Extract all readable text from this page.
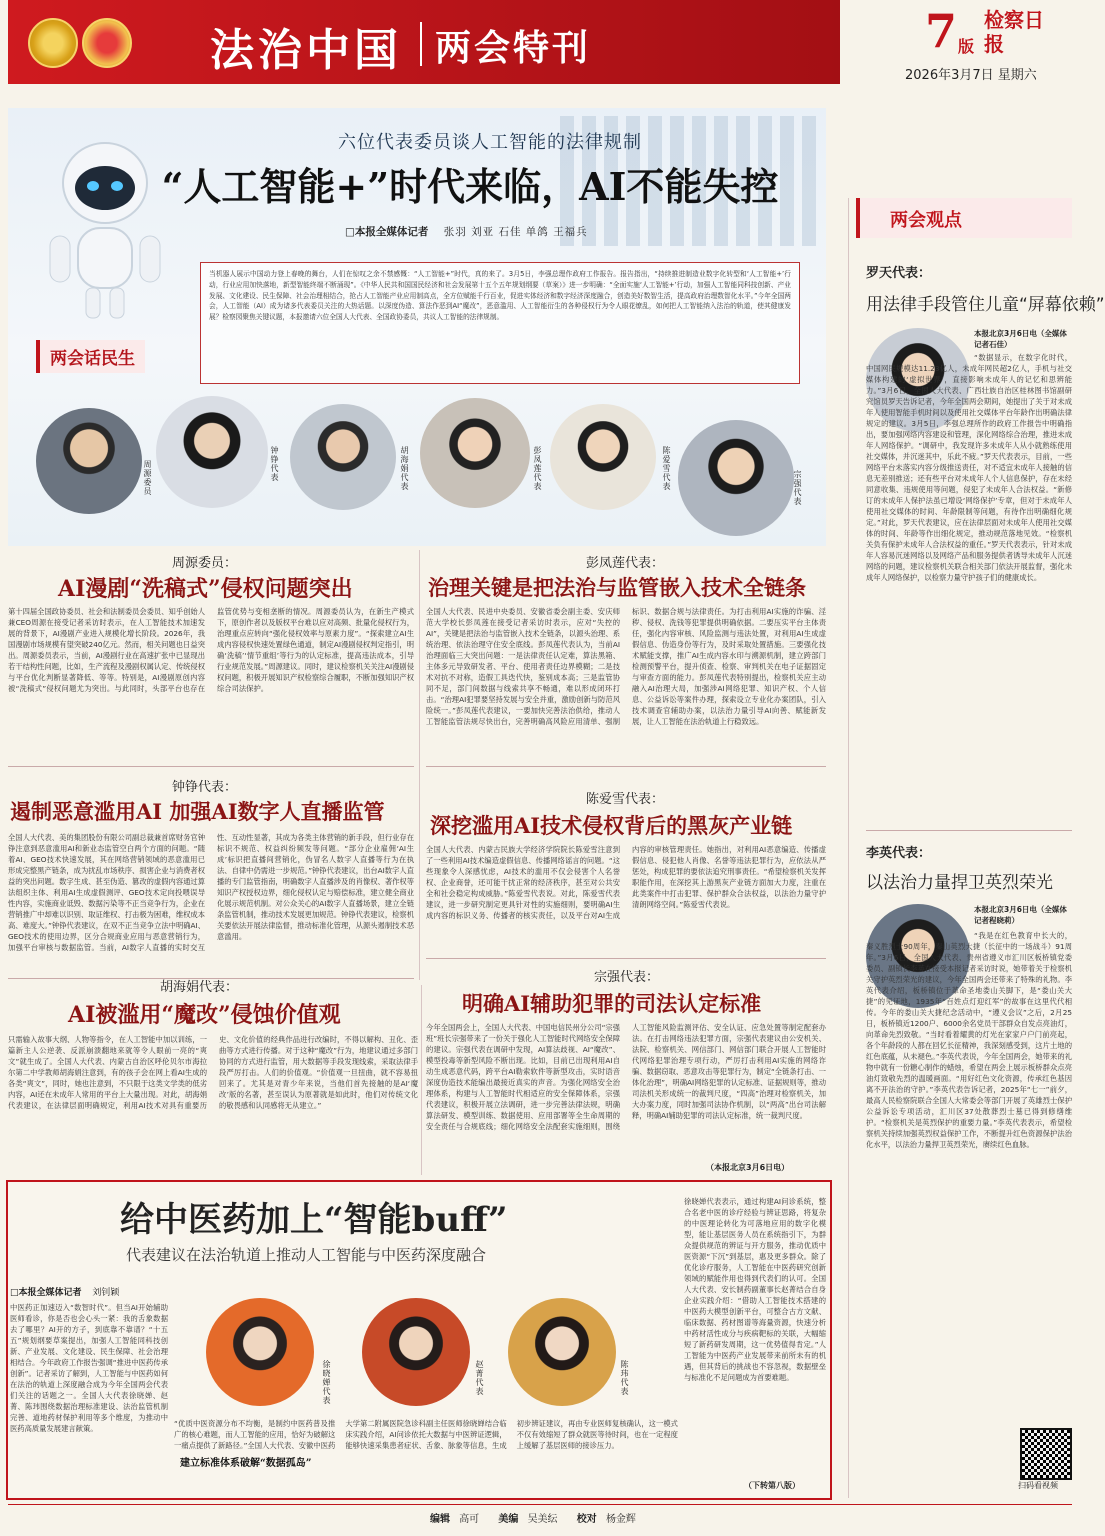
法治中国 两会特刊	7 版
检察日报
2026年3月7日 星期六
六位代表委员谈人工智能的法律规制
“人工智能+”时代来临，AI不能失控
□本报全媒体记者 张羽 刘亚 石佳 单鸽 王福兵
当机器人展示中国动力登上春晚的舞台，人们在惊叹之余不禁感慨：“人工智能+”时代，真的来了。3月5日，李强总理作政府工作报告。报告指出，“持续推进制造业数字化转型和‘人工智能+’行动，行业应用加快落地，新型智能终端不断涌现”。《中华人民共和国国民经济和社会发展第十五个五年规划纲要（草案）》进一步明确：“全面实施‘人工智能+’行动，加强人工智能同科技创新、产业发展、文化建设、民生保障、社会治理相结合，抢占人工智能产业应用制高点，全方位赋能千行百业，促进实体经济和数字经济深度融合，创造美好数智生活，提高政府治理数智化水平。”今年全国两会，人工智能（AI）成为诸多代表委员关注的大热话题。以深度伪造、算法作恶到AI“魔改”，恶意滥用、人工智能衍生的各种侵权行为令人眼花缭乱，如何把人工智能纳入法治的轨道，使其健康发展？检察园聚焦关键议题，本报邀请六位全国人大代表、全国政协委员，共议人工智能的法律规制。
两会话民生
周源委员
钟铮代表
胡海娟代表
彭凤莲代表
陈爱雪代表
宗强代表
周源委员：
AI漫剧“洗稿式”侵权问题突出
第十四届全国政协委员、社会和法制委员会委员、知乎创始人兼CEO周源在接受记者采访时表示，在人工智能技术加速发展的背景下，AI漫剧产业进入规模化增长阶段。2026年，我国漫剧市场规模有望突破240亿元。然而，相关问题也日益突出。周源委员表示，当前，AI漫剧行业在高速扩张中已显现出若干结构性问题，比如，生产流程及漫剧权属认定、传统侵权与平台优化判断显著降低、等等。特别是，AI漫剧原创内容被“洗稿式”侵权问题尤为突出。与此同时，头部平台也存在监管优势与变相垄断的情况。周源委员认为，在新生产模式下，原创作者以及版权平台难以应对高频、批量化侵权行为，治理重点应转向“强化侵权效率与原素力度”。“探索建立AI生成内容侵权快速处置绿色通道，制定AI漫剧侵权判定指引，明确‘洗稿’‘情节重组’等行为的认定标准，提高违法成本，引导行业规范发展。”周源建议。同时，建议检察机关关注AI漫剧侵权问题，积极开展知识产权检察综合履职，不断加强知识产权综合司法保护。
彭凤莲代表：
治理关键是把法治与监管嵌入技术全链条
全国人大代表、民进中央委员、安徽省委会副主委、安庆师范大学校长彭凤莲在接受记者采访时表示，应对“失控的AI”，关键是把法治与监管嵌入技术全链条，以源头治理、系统治理、依法治理守住安全底线。彭凤莲代表认为，当前AI治理面临三大突出问题：一是法律责任认定难，算法黑箱、主体多元导致研发者、平台、使用者责任边界模糊；二是技术对抗不对称，造假工具迭代快，鉴别成本高；三是监管协同不足，部门间数据与线索共享不畅通，难以形成闭环打击。“治理AI犯罪要坚持发展与安全并重，激励创新与防范风险统一。”彭凤莲代表建议，一要加快完善法治供给，推动人工智能监管法规尽快出台，完善明确高风险应用清单、强制标识、数据合规与法律责任。为打击利用AI实施的诈骗、淫秽、侵权、洗钱等犯罪提供明确依据。二要压实平台主体责任，强化内容审核、风险监测与违法处置，对利用AI生成虚假信息、伪造身份等行为，及时采取处置措施。三要强化技术赋能支撑，推广AI生成内容水印与溯源机制，建立跨部门检测预警平台，提升侦查、检察、审判机关在电子证据固定与审查方面的能力。彭凤莲代表特别提出，检察机关应主动融入AI治理大局，加强涉AI网络犯罪、知识产权、个人信息、公益诉讼等案件办理，探索设立专业化办案团队，引入技术调查官辅助办案，以法治力量引导AI向善、赋能新发展，让人工智能在法治轨道上行稳致远。
钟铮代表：
遏制恶意滥用AI 加强AI数字人直播监管
全国人大代表、美的集团股份有限公司副总裁兼首席财务官钟铮注意到恶意滥用AI和新业态监管空白两个方面的问题。“随着AI、GEO技术快速发展，其在网络营销领域的恶意滥用已形成完整黑产链条，成为扰乱市场秩序、损害企业与消费者权益的突出问题。数字生成、甚至伪造、篡改的虚假内容通过算法组织主体、利用AI生成虚假测评、GEO技术定向投喂误导性内容，实施商业诋毁、数据污染等不正当竞争行为，企业在营销推广中却难以识别、取证维权、打击极为困难，维权成本高、难度大。”钟铮代表建议，在双不正当竞争立法中明确AI、GEO技术的使用边界，区分合规商业应用与恶意营销行为，加强平台审核与数据监管。当前，AI数字人直播的实时交互性、互动性显著，其成为各类主体营销的新手段，但行业存在标识不规范、权益纠纷频发等问题。“部分企业雇佣‘AI生成’标识把直播间营销化，伪冒名人数字人直播等行为在执法、自律中仍需进一步规范。”钟铮代表建议，出台AI数字人直播的专门监管指南，明确数字人直播涉及的肖像权、著作权等知识产权授权边界，细化侵权认定与赔偿标准，建立健全商业化展示规范机制。对公众关心的AI数字人直播场景，建立全链条监管机制，推动技术发展更加规范。钟铮代表建议，检察机关要依法开展法律监督，推动标准化管理，从源头遏制技术恶意滥用。
陈爱雪代表：
深挖滥用AI技术侵权背后的黑灰产业链
全国人大代表、内蒙古民族大学经济学院院长陈爱雪注意到了一些利用AI技术编造虚假信息、传播网络谣言的问题。“这些现象令人深感忧虑，AI技术的滥用不仅会侵害个人名誉权、企业商誉，还可能干扰正常的经济秩序，甚至对公共安全和社会稳定构成威胁。”陈爱雪代表说。对此，陈爱雪代表建议，进一步研究制定更具针对性的实施细则，要明确AI生成内容的标识义务、传播者的核实责任，以及平台对AI生成内容的审核管理责任。她指出，对利用AI恶意编造、传播虚假信息、侵犯他人肖像、名誉等违法犯罪行为，应依法从严惩处，构成犯罪的要依法追究刑事责任。“希望检察机关发挥职能作用，在深挖其上游黑灰产业链方面加大力度，注重在此类案件中打击犯罪、保护群众合法权益，以法治力量守护清朗网络空间。”陈爱雪代表说。
胡海娟代表：
AI被滥用“魔改”侵蚀价值观
只需输入故事大纲、人物等指令，在人工智能中加以训练，一篇新主人公逆袭、反派崩溃翻地来就等令人眼前一亮的“爽文”就生成了。全国人大代表、内蒙古自治区呼伦贝尔市海拉尔第二中学教师胡海娟注意到，有的孩子会在网上看AI生成的各类“爽文”，同时，她也注意到，不只限于这类文学类的低劣内容，AI还在未成年人常用的平台上大量出现。对此，胡海娟代表建议，在法律层面明确规定，利用AI技术对具有重要历史、文化价值的经典作品进行改编时，不得以解构、丑化、歪曲等方式进行传播。对于这种“魔改”行为，地建议通过多部门协同的方式进行监管，用大数据等手段发现线索，采取法律手段严厉打击。人们的价值观。“价值观一旦扭曲，就不容易扭回来了。尤其是对青少年来说，当他们首先接触的是AI‘魔改’版的名著，甚至误认为原著就是如此时，他们对传统文化的敬畏感和认同感将无从建立。”
宗强代表：
明确AI辅助犯罪的司法认定标准
今年全国两会上，全国人大代表、中国电信民州分公司“宗强班”班长宗强带来了一份关于强化人工智能时代网络安全保障的建议。宗强代表在调研中发现，AI算法歧视、AI“魔改”、模型投毒等新型风险不断出现。比如，目前已出现利用AI自动生成恶意代码，跨平台AI勒索软件等新型攻击，实时语音深度伪造技术能编出最接近真实的声音。为强化网络安全治理体系，构建与人工智能时代相适应的安全保障体系，宗强代表建议，积极开展立法调研，进一步完善法律法规，明确算法研发、模型训练、数据使用、应用部署等全生命周期的安全责任与合规底线；细化网络安全法配套实施细则，围绕人工智能风险监测评估、安全认证、应急处置等制定配套办法。在打击网络违法犯罪方面，宗强代表建议由公安机关、法院、检察机关、网信部门、网信部门联合开展人工智能时代网络犯罪治理专项行动，严厉打击利用AI实施的网络诈骗、数据窃取、恶意攻击等犯罪行为，制定“全链条打击、一体化治理”，明确AI网络犯罪的认定标准、证据规则等，推动司法机关形成统一的裁判尺度，“四高”治理对检察机关，加大办案力度，同时加强司法协作机制，以“两高”出台司法解释，明确AI辅助犯罪的司法认定标准，统一裁判尺度。
（本报北京3月6日电）
给中医药加上“智能buff”
代表建议在法治轨道上推动人工智能与中医药深度融合
□本报全媒体记者 刘钊颖
中医药正加速迈入“数智时代”。但当AI开始辅助医师看诊，你是否也会心头一紧：我的舌象数据去了哪里？AI开的方子，到底靠不靠谱？“十五五”规划纲要草案提出，加强人工智能同科技创新、产业发展、文化建设、民生保障、社会治理相结合。今年政府工作报告强调“推进中医药传承创新”。记者采访了解到，人工智能与中医药如何在法治的轨道上深度融合成为今年全国两会代表们关注的话题之一。全国人大代表徐晓婵、赵菁、陈玮围绕数据治理标准建设、法治监管机制完善、道地药材保护利用等多个维度，为推动中医药高质量发展建言献策。
徐晓婵代表
赵菁代表
陈玮代表
“优质中医资源分布不均衡，是制约中医药普及推广的核心难题，而人工智能的应用，恰好为破解这一痛点提供了新路径。”全国人大代表、安徽中医药大学第二附属医院急诊科副主任医师徐晓婵结合临床实践介绍，AI问诊依托大数据与中医辨证逻辑，能够快速采集患者症状、舌象、脉象等信息，生成初步辨证建议，再由专业医师复核确认，这一模式不仅有效缩短了群众就医等待时间，也在一定程度上缓解了基层医师的接诊压力。
建立标准体系破解“数据孤岛”
徐晓婵代表表示，通过构建AI问诊系统，整合名老中医的诊疗经验与辨证思路，将复杂的中医理论转化为可落地应用的数字化模型，能让基层医务人员在系统指引下，为群众提供规范的辨证与开方服务，推动优质中医资源“下沉”到基层，惠及更多群众。除了优化诊疗服务，人工智能在中医药研究创新领域的赋能作用也得到代表们的认可。全国人大代表、安长制药副董事长赵菁结合自身企业实践介绍：“借助人工智能技术搭建的中医药大模型创新平台，可整合古方文献、临床数据、药材图谱等海量资源，快速分析中药材活性成分与疾病靶标的关联，大幅缩短了新药研发周期，这一优势值得肯定。”人工智能为中医药产业发展带来前所未有的机遇，但其背后的挑战也不容忽视，数据壁垒与标准化不足问题成为首要难题。
（下转第八版）
两会观点
罗天代表：
用法律手段管住儿童“屏幕依赖”
本报北京3月6日电（全媒体记者石佳）
“数据显示，在数字化时代，中国网民规模达11.23亿人，未成年网民超2亿人，手机与社交媒体构建的‘虚拟世界’，直接影响未成年人的记忆和思辨能力。”3月6日，全国人大代表、广西壮族自治区桂林图书馆副研究馆员罗天告诉记者，今年全国两会期间，她提出了关于对未成年人使用智能手机时间以及使用社交媒体平台年龄作出明确法律规定的建议。3月5日，李强总理所作的政府工作报告中明确指出，要加强网络内容建设和管理，深化网络综合治理，推进未成年人网络保护。“调研中，我发现许多未成年人从小就熟练使用社交媒体，并沉迷其中，乐此不疲。”罗天代表表示，目前，一些网络平台未落实内容分级推送责任，对不适宜未成年人接触的信息无差别推送；还有些平台对未成年人个人信息保护，存在未经同意收集、违规使用等问题，侵犯了未成年人合法权益。“新修订的未成年人保护法虽已增设‘网络保护’专章，但对于未成年人使用社交媒体的时间、年龄限制等问题，有待作出明确细化规定。”对此，罗天代表建议，应在法律层面对未成年人使用社交媒体的时间、年龄等作出细化规定，推动规范落地见效。“检察机关负有保护未成年人合法权益的重任。”罗天代表表示，针对未成年人容易沉迷网络以及网络产品和服务提供者诱导未成年人沉迷网络的问题，建议检察机关联合相关部门依法开展监督，强化未成年人网络保护，以检察力量守护孩子们的健康成长。
李英代表：
以法治力量捍卫英烈荣光
本报北京3月6日电（全媒体记者程晓莉）
“我是在红色教育中长大的，秦义胜烈士90周年，秦山英烈大捷（长征中的一场战斗）91周年。”3月6日，全国人大代表、贵州省遵义市汇川区板桥镇党委委员、副镇长李英在接受本报记者采访时说，她带着关于检察机关守护英烈荣光的建议，今年全国两会还带来了特殊的礼物。李英代表介绍，板桥镇位于革命圣地娄山关脚下，是“娄山关大捷”的见证地，1935年“百姓点灯迎红军”的故事在这里代代相传。今年的娄山关大捷纪念活动中，“遵义会议”之后，2月25日，板桥镇近1200户、6000余名党员干部群众自发点亮油灯，向革命先烈致敬。“当时看着耀黄的灯光在家家户户门前亮起，各个年龄段的人都在回忆长征精神，我深刻感受到，这片土地的红色底蕴，从未褪色。”李英代表说，今年全国两会，她带来的礼物中就有一份糖心制作的蜡烛，希望在两会上展示板桥群众点亮油灯致敬先烈的温暖画面。“用好红色文化资源，传承红色基因离不开法治的守护。”李英代表告诉记者，2025年“七一”前夕，最高人民检察院联合全国人大常委会等部门开展了英雄烈士保护公益诉讼专项活动，汇川区37处散葬烈士墓已得到修缮维护。“检察机关是英烈保护的重要力量。”李英代表表示，希望检察机关持续加强英烈权益保护工作，不断提升红色资源保护法治化水平，以法治力量捍卫英烈荣光，赓续红色血脉。
扫码看视频
编辑 高可 美编 吴美纭 校对 杨金辉
